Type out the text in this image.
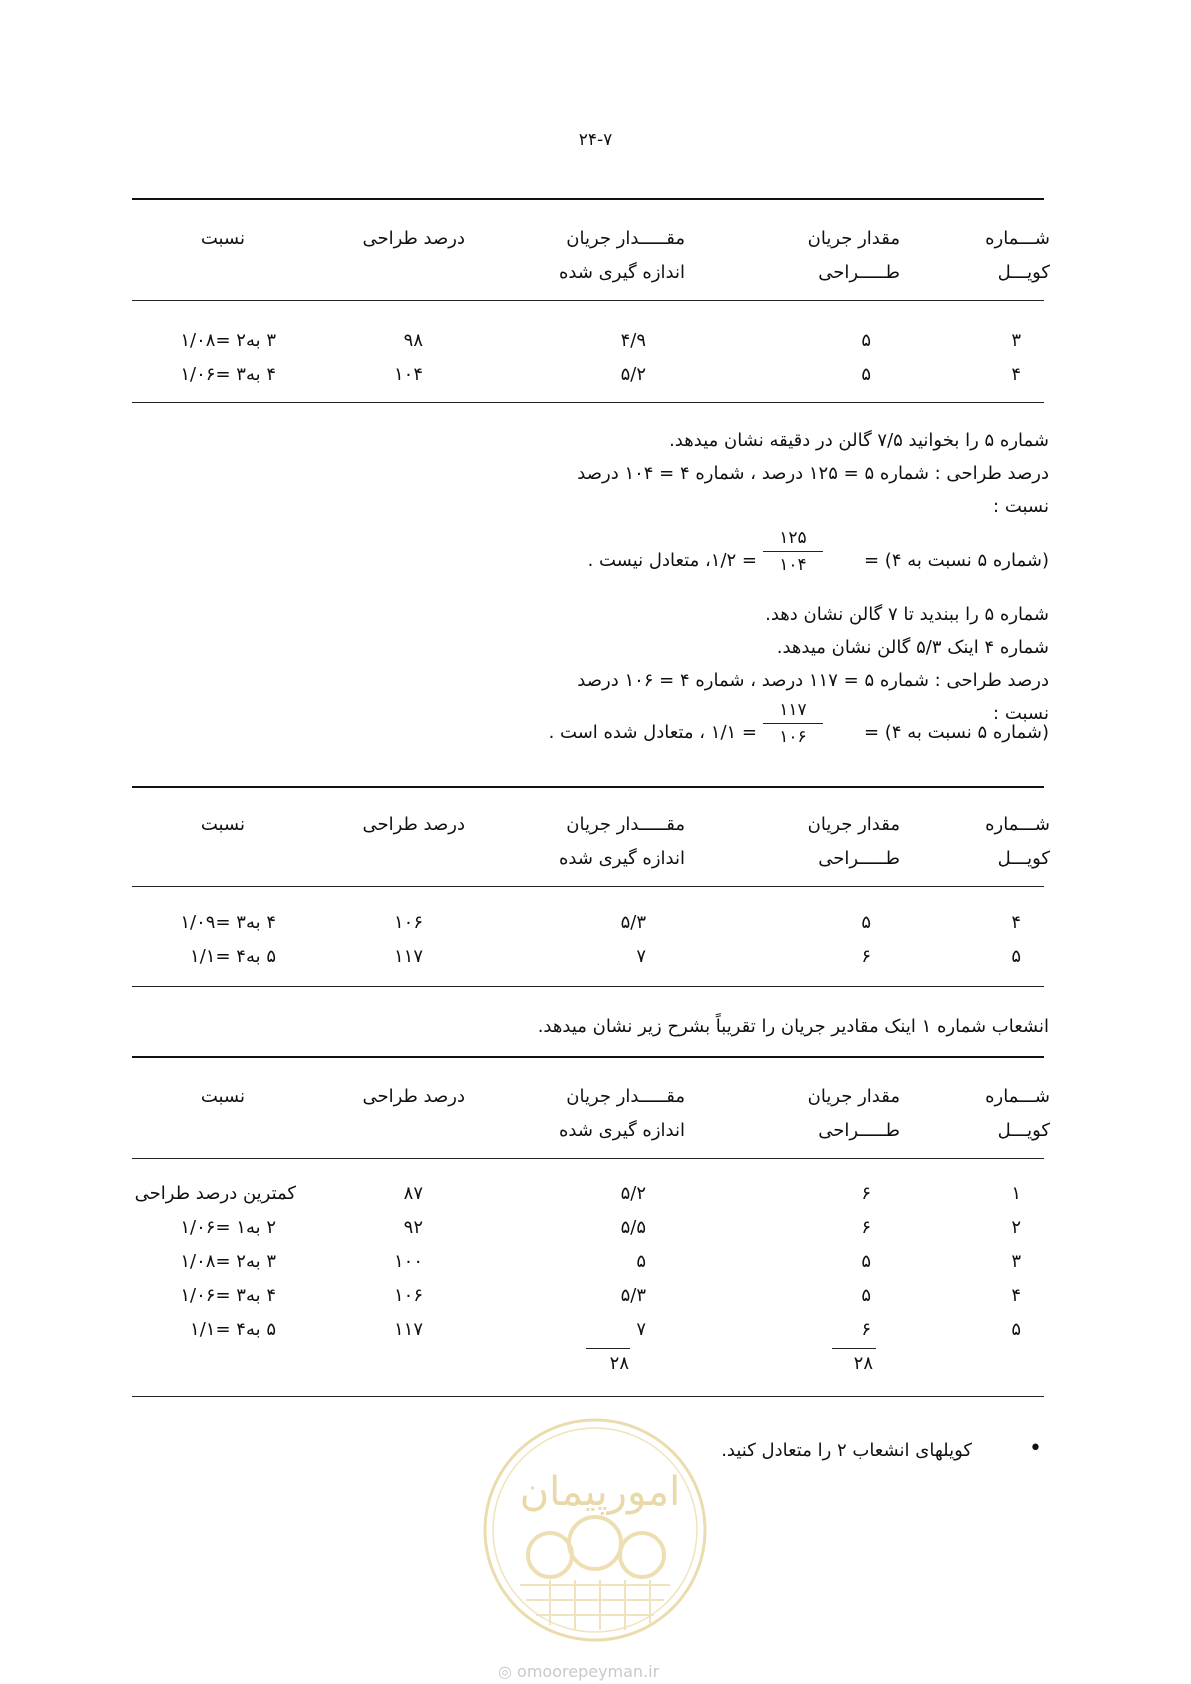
۲۴-۷
شـــماره
کویـــل
مقدار جریان
طـــــراحی
مقـــــدار جریان
اندازه گیری شده
درصد طراحی
نسبت
۳
۵
۴/۹
۹۸
۳ به۲ =۱/۰۸
۴
۵
۵/۲
۱۰۴
۴ به۳ =۱/۰۶
شماره ۵ را بخوانید ۷/۵ گالن در دقیقه نشان میدهد.
درصد طراحی : شماره ۵ = ۱۲۵ درصد ، شماره ۴ = ۱۰۴ درصد
نسبت :
(شماره ۵ نسبت به ۴) =
۱۲۵
۱۰۴
= ۱/۲، متعادل نیست .
شماره ۵ را ببندید تا ۷ گالن نشان دهد.
شماره ۴ اینک ۵/۳ گالن نشان میدهد.
درصد طراحی : شماره ۵ = ۱۱۷ درصد ، شماره ۴ = ۱۰۶ درصد
نسبت :
(شماره ۵ نسبت به ۴) =
۱۱۷
۱۰۶
= ۱/۱ ، متعادل شده است .
شـــماره
کویـــل
مقدار جریان
طـــــراحی
مقـــــدار جریان
اندازه گیری شده
درصد طراحی
نسبت
۴
۵
۵/۳
۱۰۶
۴ به۳ =۱/۰۹
۵
۶
۷
۱۱۷
۵ به۴ =۱/۱
انشعاب شماره ۱ اینک مقادیر جریان را تقریباً بشرح زیر نشان میدهد.
شـــماره
کویـــل
مقدار جریان
طـــــراحی
مقـــــدار جریان
اندازه گیری شده
درصد طراحی
نسبت
۱
۶
۵/۲
۸۷
کمترین درصد طراحی
۲
۶
۵/۵
۹۲
۲ به۱ =۱/۰۶
۳
۵
۵
۱۰۰
۳ به۲ =۱/۰۸
۴
۵
۵/۳
۱۰۶
۴ به۳ =۱/۰۶
۵
۶
۷
۱۱۷
۵ به۴ =۱/۱
۲۸	۲۸
•
کویلهای انشعاب ۲ را متعادل کنید.
امورپیمان
◎ omoorepeyman.ir
